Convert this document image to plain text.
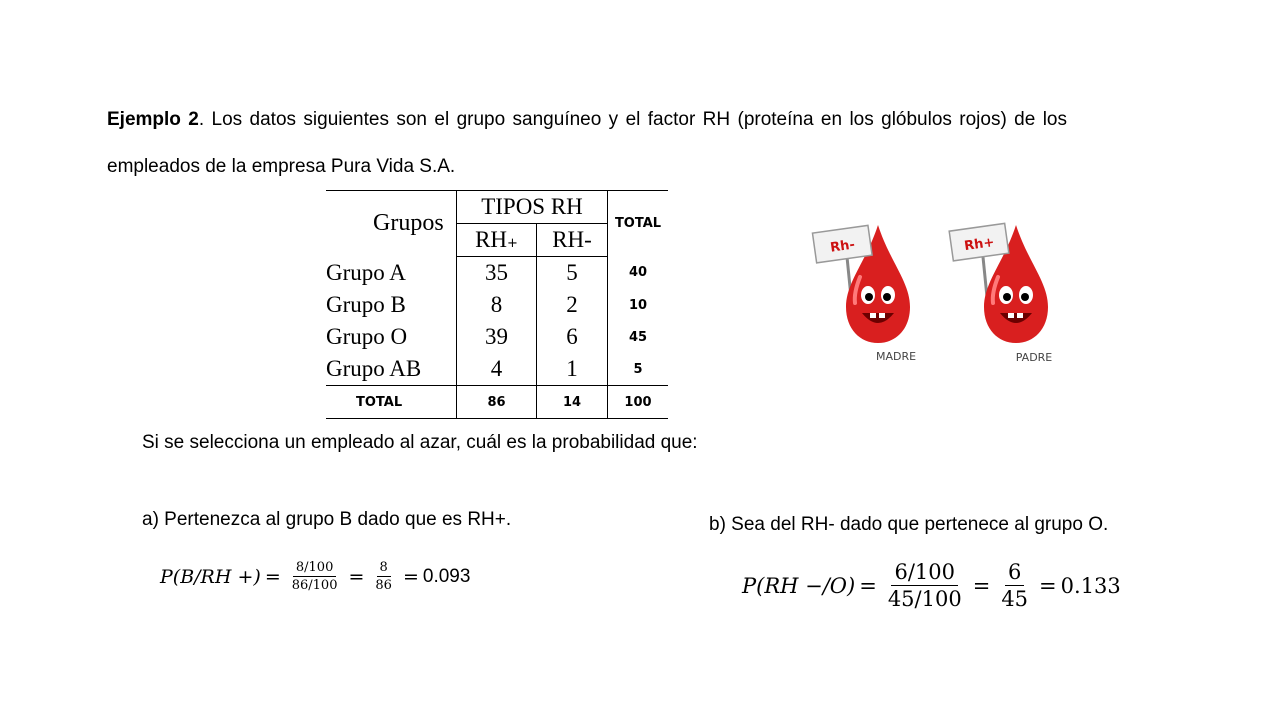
Ejemplo 2. Los datos siguientes son el grupo sanguíneo y el factor RH (proteína en los glóbulos rojos) de los empleados de la empresa Pura Vida S.A.
Grupos	TIPOS RH		TOTAL
	RH+	RH-	
Grupo A	35	5	40
Grupo B	8	2	10
Grupo O	39	6	45
Grupo AB	4	1	5
TOTAL	86	14	100
Rh-
MADRE
Rh+
PADRE
Si se selecciona un empleado al azar, cuál es la probabilidad que:
a) Pertenezca al grupo B dado que es RH+.	b) Sea del RH- dado que pertenece al grupo O.
P(B/RH +) = $\frac{8/100}{86/100} = \frac{8}{86} = 0.093$	$P(RH -/O) = \frac{6/100}{45/100} = \frac{6}{45} = 0.133$
